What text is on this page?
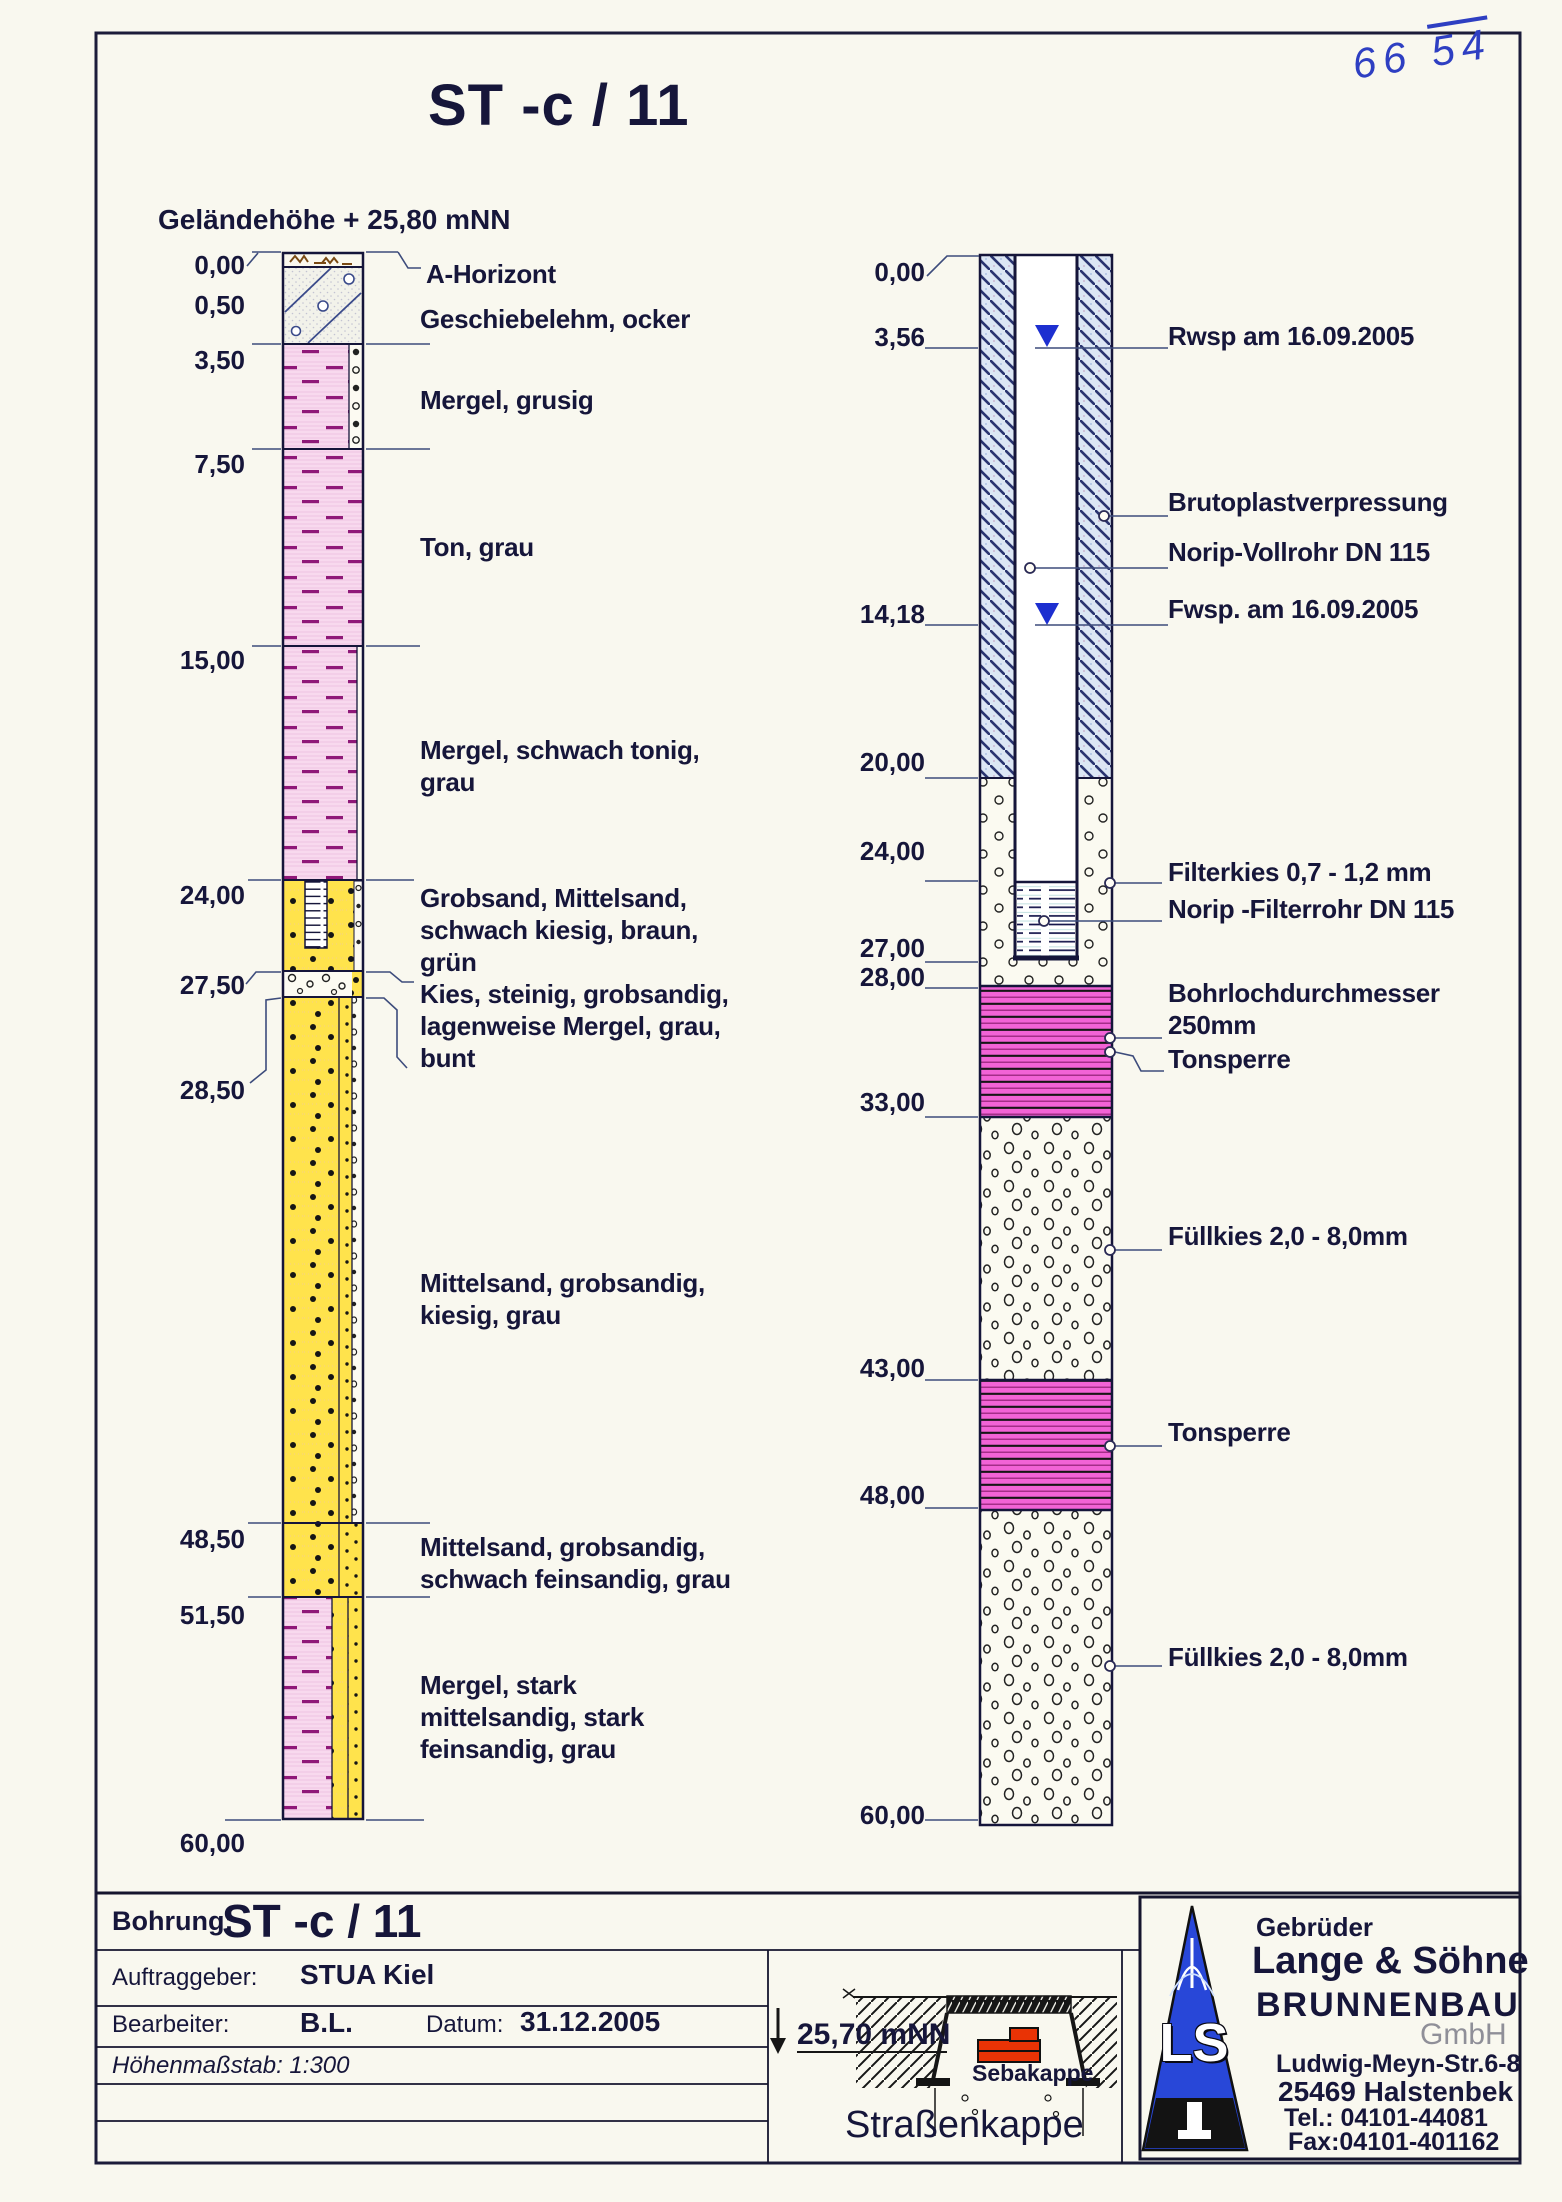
66 54
ST -c / 11
Geländehöhe + 25,80 mNN
0,00
0,50
3,50
7,50
15,00
24,00
27,50
28,50
48,50
51,50
60,00
A-Horizont
Geschiebelehm, ocker
Mergel, grusig
Ton, grau
Mergel, schwach tonig,
grau
Grobsand, Mittelsand,
schwach kiesig, braun,
grün
Kies, steinig, grobsandig,
lagenweise Mergel, grau,
bunt
Mittelsand, grobsandig,
kiesig, grau
Mittelsand, grobsandig,
schwach feinsandig, grau
Mergel, stark
mittelsandig, stark
feinsandig, grau
0,00
3,56
14,18
20,00
24,00
27,00
28,00
33,00
43,00
48,00
60,00
Rwsp am 16.09.2005
Brutoplastverpressung
Norip-Vollrohr DN 115
Fwsp. am 16.09.2005
Filterkies 0,7 - 1,2 mm
Norip -Filterrohr DN 115
Bohrlochdurchmesser
250mm
Tonsperre
Füllkies 2,0 - 8,0mm
Tonsperre
Füllkies 2,0 - 8,0mm
Bohrung:
ST -c / 11
Auftraggeber: STUA Kiel
Bearbeiter:	B.L.	Datum: 31.12.2005
Höhenmaßstab: 1:300
25,70 mNN
Sebakappe
Straßenkappe
Gebrüder
Lange & Söhne
BRUNNENBAU
GmbH
Ludwig-Meyn-Str.6-8
25469 Halstenbek
Tel.: 04101-44081
Fax:04101-401162
LS
